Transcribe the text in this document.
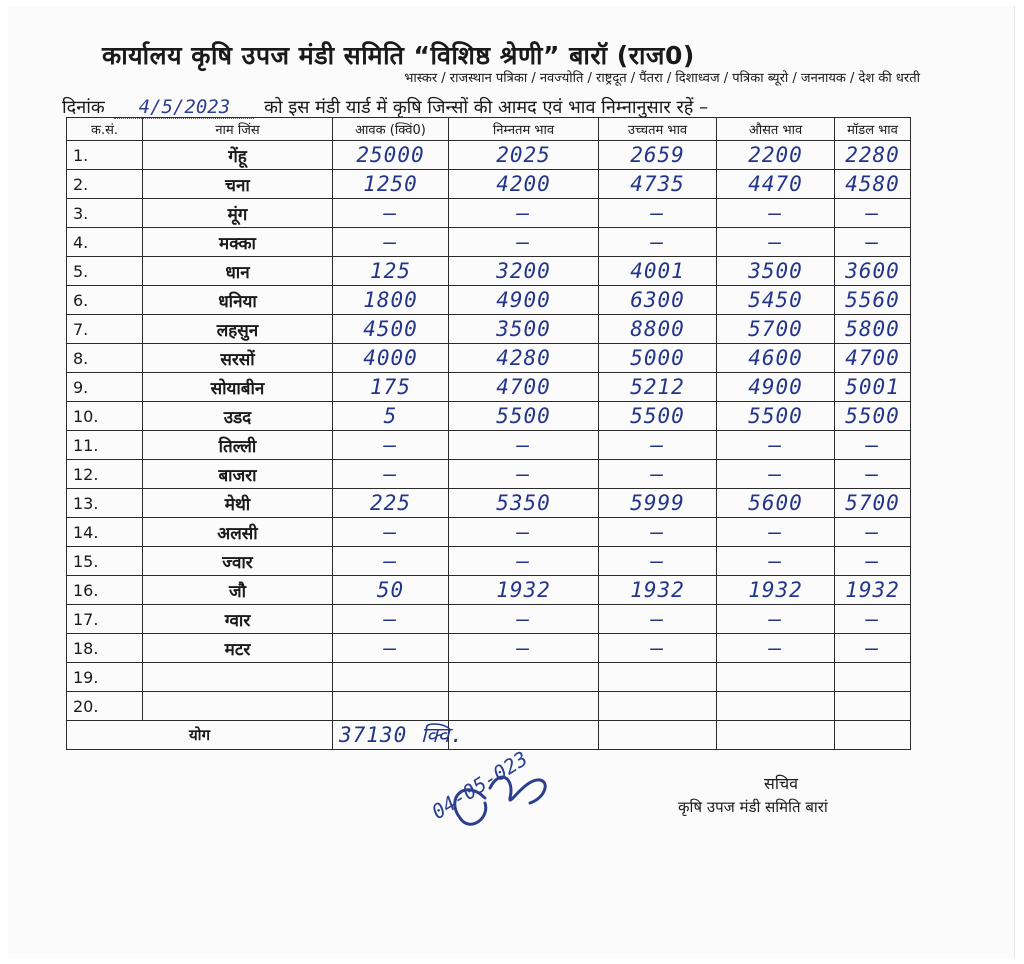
कार्यालय कृषि उपज मंडी समिति “विशिष्ठ श्रेणी” बारॉ (राज0)
भास्कर / राजस्थान पत्रिका / नवज्योति / राष्ट्रदूत / पैंतरा / दिशाध्वज / पत्रिका ब्यूरो / जननायक / देश की धरती
दिनांक 4/5/2023 को इस मंडी यार्ड में कृषि जिन्सों की आमद एवं भाव निम्नानुसार रहें –
क.सं.	नाम जिंस	आवक (क्विं0)	निम्नतम भाव	उच्चतम भाव	औसत भाव	मॉडल भाव
1.	गेंहू	25000	2025	2659	2200	2280
2.	चना	1250	4200	4735	4470	4580
3.	मूंग	—	—	—	—	—
4.	मक्का	—	—	—	—	—
5.	धान	125	3200	4001	3500	3600
6.	धनिया	1800	4900	6300	5450	5560
7.	लहसुन	4500	3500	8800	5700	5800
8.	सरसों	4000	4280	5000	4600	4700
9.	सोयाबीन	175	4700	5212	4900	5001
10.	उडद	5	5500	5500	5500	5500
11.	तिल्ली	—	—	—	—	—
12.	बाजरा	—	—	—	—	—
13.	मेथी	225	5350	5999	5600	5700
14.	अलसी	—	—	—	—	—
15.	ज्वार	—	—	—	—	—
16.	जौ	50	1932	1932	1932	1932
17.	ग्वार	—	—	—	—	—
18.	मटर	—	—	—	—	—
19.						
20.						
योग		37130 क्वि.				
04-05-023	सचिव
कृषि उपज मंडी समिति बारां
